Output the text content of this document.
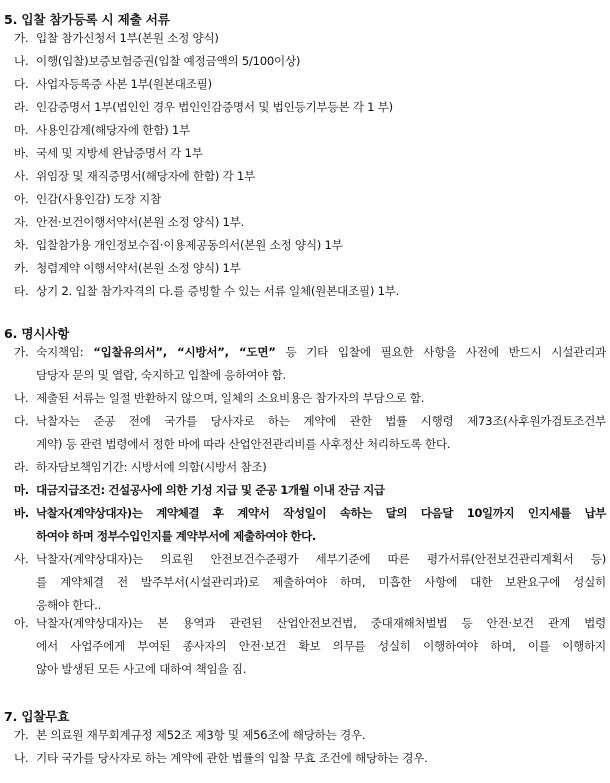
5. 입찰 참가등록 시 제출 서류
가. 입찰 참가신청서 1부(본원 소정 양식)
나. 이행(입찰)보증보험증권(입찰 예정금액의 5/100이상)
다. 사업자등록증 사본 1부(원본대조필)
라. 인감증명서 1부(법인인 경우 법인인감증명서 및 법인등기부등본 각 1 부)
마. 사용인감계(해당자에 한함) 1부
바. 국세 및 지방세 완납증명서 각 1부
사. 위임장 및 재직증명서(해당자에 한함) 각 1부
아. 인감(사용인감) 도장 지참
자. 안전·보건이행서약서(본원 소정 양식) 1부.
차. 입찰참가용 개인정보수집·이용제공동의서(본원 소정 양식) 1부
카. 청렴계약 이행서약서(본원 소정 양식) 1부
타. 상기 2. 입찰 참가자격의 다.를 증빙할 수 있는 서류 일체(원본대조필) 1부.
6. 명시사항
가. 숙지책임: “입찰유의서”, “시방서”, “도면” 등 기타 입찰에 필요한 사항을 사전에 반드시 시설관리과
담당자 문의 및 열람, 숙지하고 입찰에 응하여야 함.
나. 제출된 서류는 일절 반환하지 않으며, 일체의 소요비용은 참가자의 부담으로 함.
다. 낙찰자는 준공 전에 국가를 당사자로 하는 계약에 관한 법률 시행령 제73조(사후원가검토조건부
계약) 등 관련 법령에서 정한 바에 따라 산업안전관리비를 사후정산 처리하도록 한다.
라. 하자담보책임기간: 시방서에 의함(시방서 참조)
마. 대금지급조건: 건설공사에 의한 기성 지급 및 준공 1개월 이내 잔금 지급
바. 낙찰자(계약상대자)는 계약체결 후 계약서 작성일이 속하는 달의 다음달 10일까지 인지세를 납부
하여야 하며 정부수입인지를 계약부서에 제출하여야 한다.
사. 낙찰자(계약상대자)는 의료원 안전보건수준평가 세부기준에 따른 평가서류(안전보건관리계획서 등)
를 계약체결 전 발주부서(시설관리과)로 제출하여야 하며, 미흡한 사항에 대한 보완요구에 성실히
응해야 한다..
아. 낙찰자(계약상대자)는 본 용역과 관련된 산업안전보건법, 중대재해처벌법 등 안전·보건 관계 법령
에서 사업주에게 부여된 종사자의 안전·보건 확보 의무를 성실히 이행하여야 하며, 이를 이행하지
않아 발생된 모든 사고에 대하여 책임을 짐.
7. 입찰무효
가. 본 의료원 재무회계규정 제52조 제3항 및 제56조에 해당하는 경우.
나. 기타 국가를 당사자로 하는 계약에 관한 법률의 입찰 무효 조건에 해당하는 경우.
